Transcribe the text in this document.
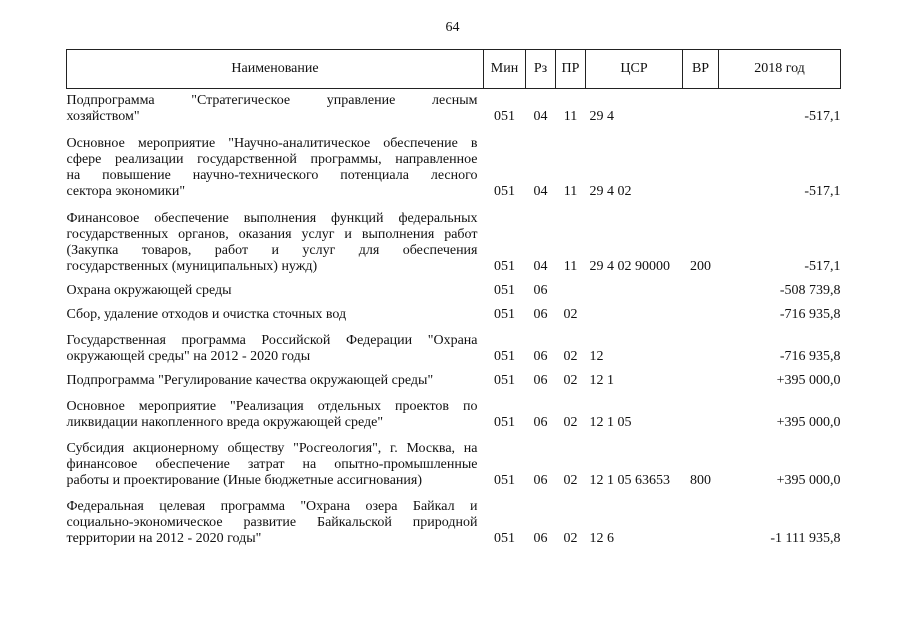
64
Наименование	Мин	Рз	ПР	ЦСР	ВР	2018 год

Подпрограмма "Стратегическое управление лесным
хозяйством"	051	04	11	29 4		-517,1

Основное мероприятие "Научно-аналитическое обеспечение в
сфере реализации государственной программы, направленное
на повышение научно-технического потенциала лесного
сектора экономики"	051	04	11	29 4 02		-517,1

Финансовое обеспечение выполнения функций федеральных
государственных органов, оказания услуг и выполнения работ
(Закупка товаров, работ и услуг для обеспечения
государственных (муниципальных) нужд)	051	04	11	29 4 02 90000	200	-517,1

Охрана окружающей среды	051	06				-508 739,8

Сбор, удаление отходов и очистка сточных вод	051	06	02			-716 935,8

Государственная программа Российской Федерации "Охрана
окружающей среды" на 2012 - 2020 годы	051	06	02	12		-716 935,8

Подпрограмма "Регулирование качества окружающей среды"	051	06	02	12 1		+395 000,0

Основное мероприятие "Реализация отдельных проектов по
ликвидации накопленного вреда окружающей среде"	051	06	02	12 1 05		+395 000,0

Субсидия акционерному обществу "Росгеология", г. Москва, на
финансовое обеспечение затрат на опытно-промышленные
работы и проектирование (Иные бюджетные ассигнования)	051	06	02	12 1 05 63653	800	+395 000,0

Федеральная целевая программа "Охрана озера Байкал и
социально-экономическое развитие Байкальской природной
территории на 2012 - 2020 годы"	051	06	02	12 6		-1 111 935,8
